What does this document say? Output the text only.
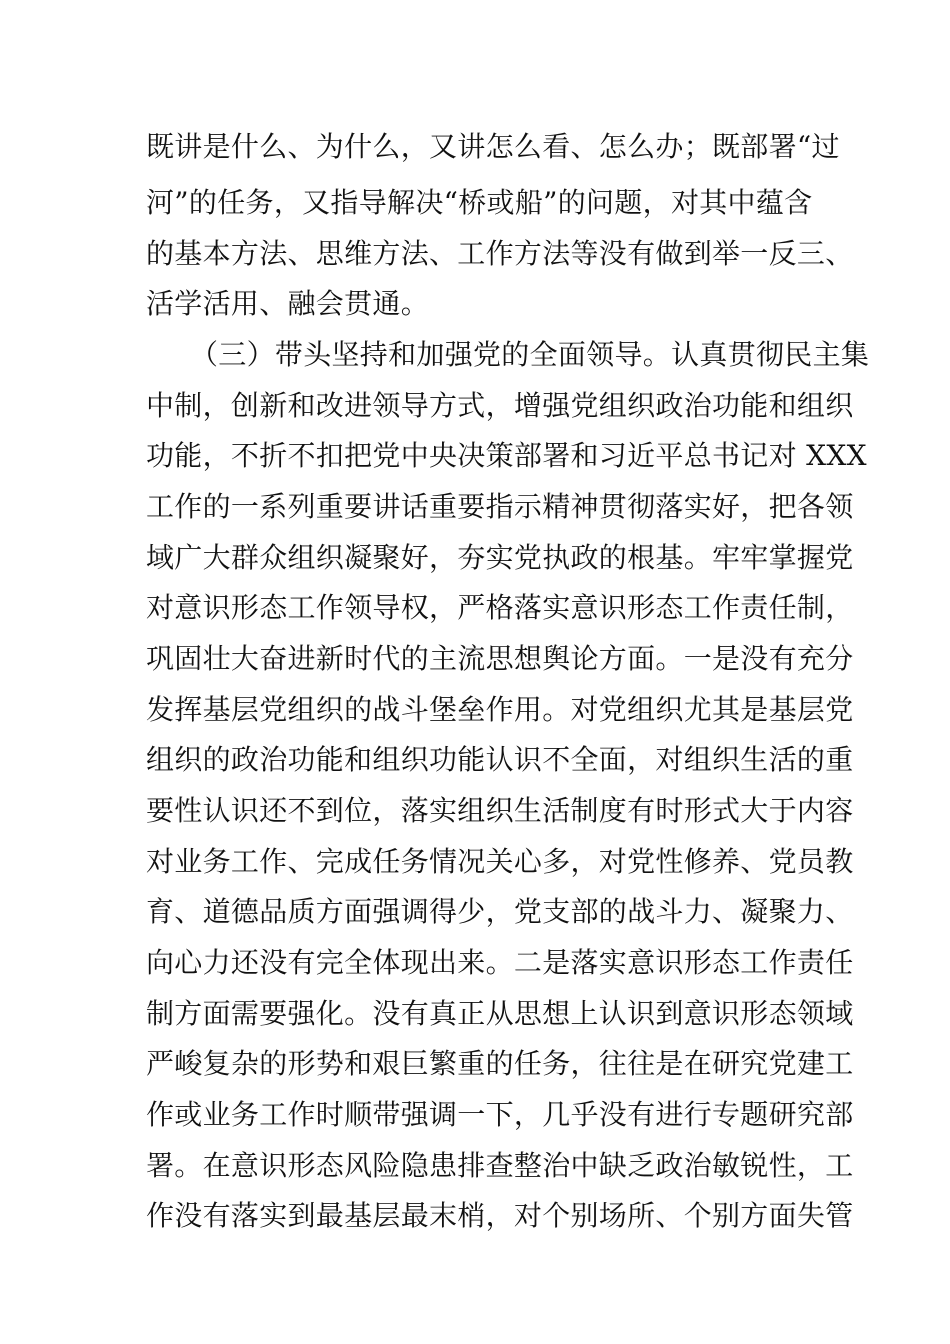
既讲是什么、为什么，又讲怎么看、怎么办；既部署“过
河”的任务，又指导解决“桥或船”的问题，对其中蕴含
的基本方法、思维方法、工作方法等没有做到举一反三、
活学活用、融会贯通。
（三）带头坚持和加强党的全面领导。认真贯彻民主集
中制，创新和改进领导方式，增强党组织政治功能和组织
功能，不折不扣把党中央决策部署和习近平总书记对 XXX
工作的一系列重要讲话重要指示精神贯彻落实好，把各领
域广大群众组织凝聚好，夯实党执政的根基。牢牢掌握党
对意识形态工作领导权，严格落实意识形态工作责任制，
巩固壮大奋进新时代的主流思想舆论方面。一是没有充分
发挥基层党组织的战斗堡垒作用。对党组织尤其是基层党
组织的政治功能和组织功能认识不全面，对组织生活的重
要性认识还不到位，落实组织生活制度有时形式大于内容
对业务工作、完成任务情况关心多，对党性修养、党员教
育、道德品质方面强调得少，党支部的战斗力、凝聚力、
向心力还没有完全体现出来。二是落实意识形态工作责任
制方面需要强化。没有真正从思想上认识到意识形态领域
严峻复杂的形势和艰巨繁重的任务，往往是在研究党建工
作或业务工作时顺带强调一下，几乎没有进行专题研究部
署。在意识形态风险隐患排查整治中缺乏政治敏锐性，工
作没有落实到最基层最末梢，对个别场所、个别方面失管
